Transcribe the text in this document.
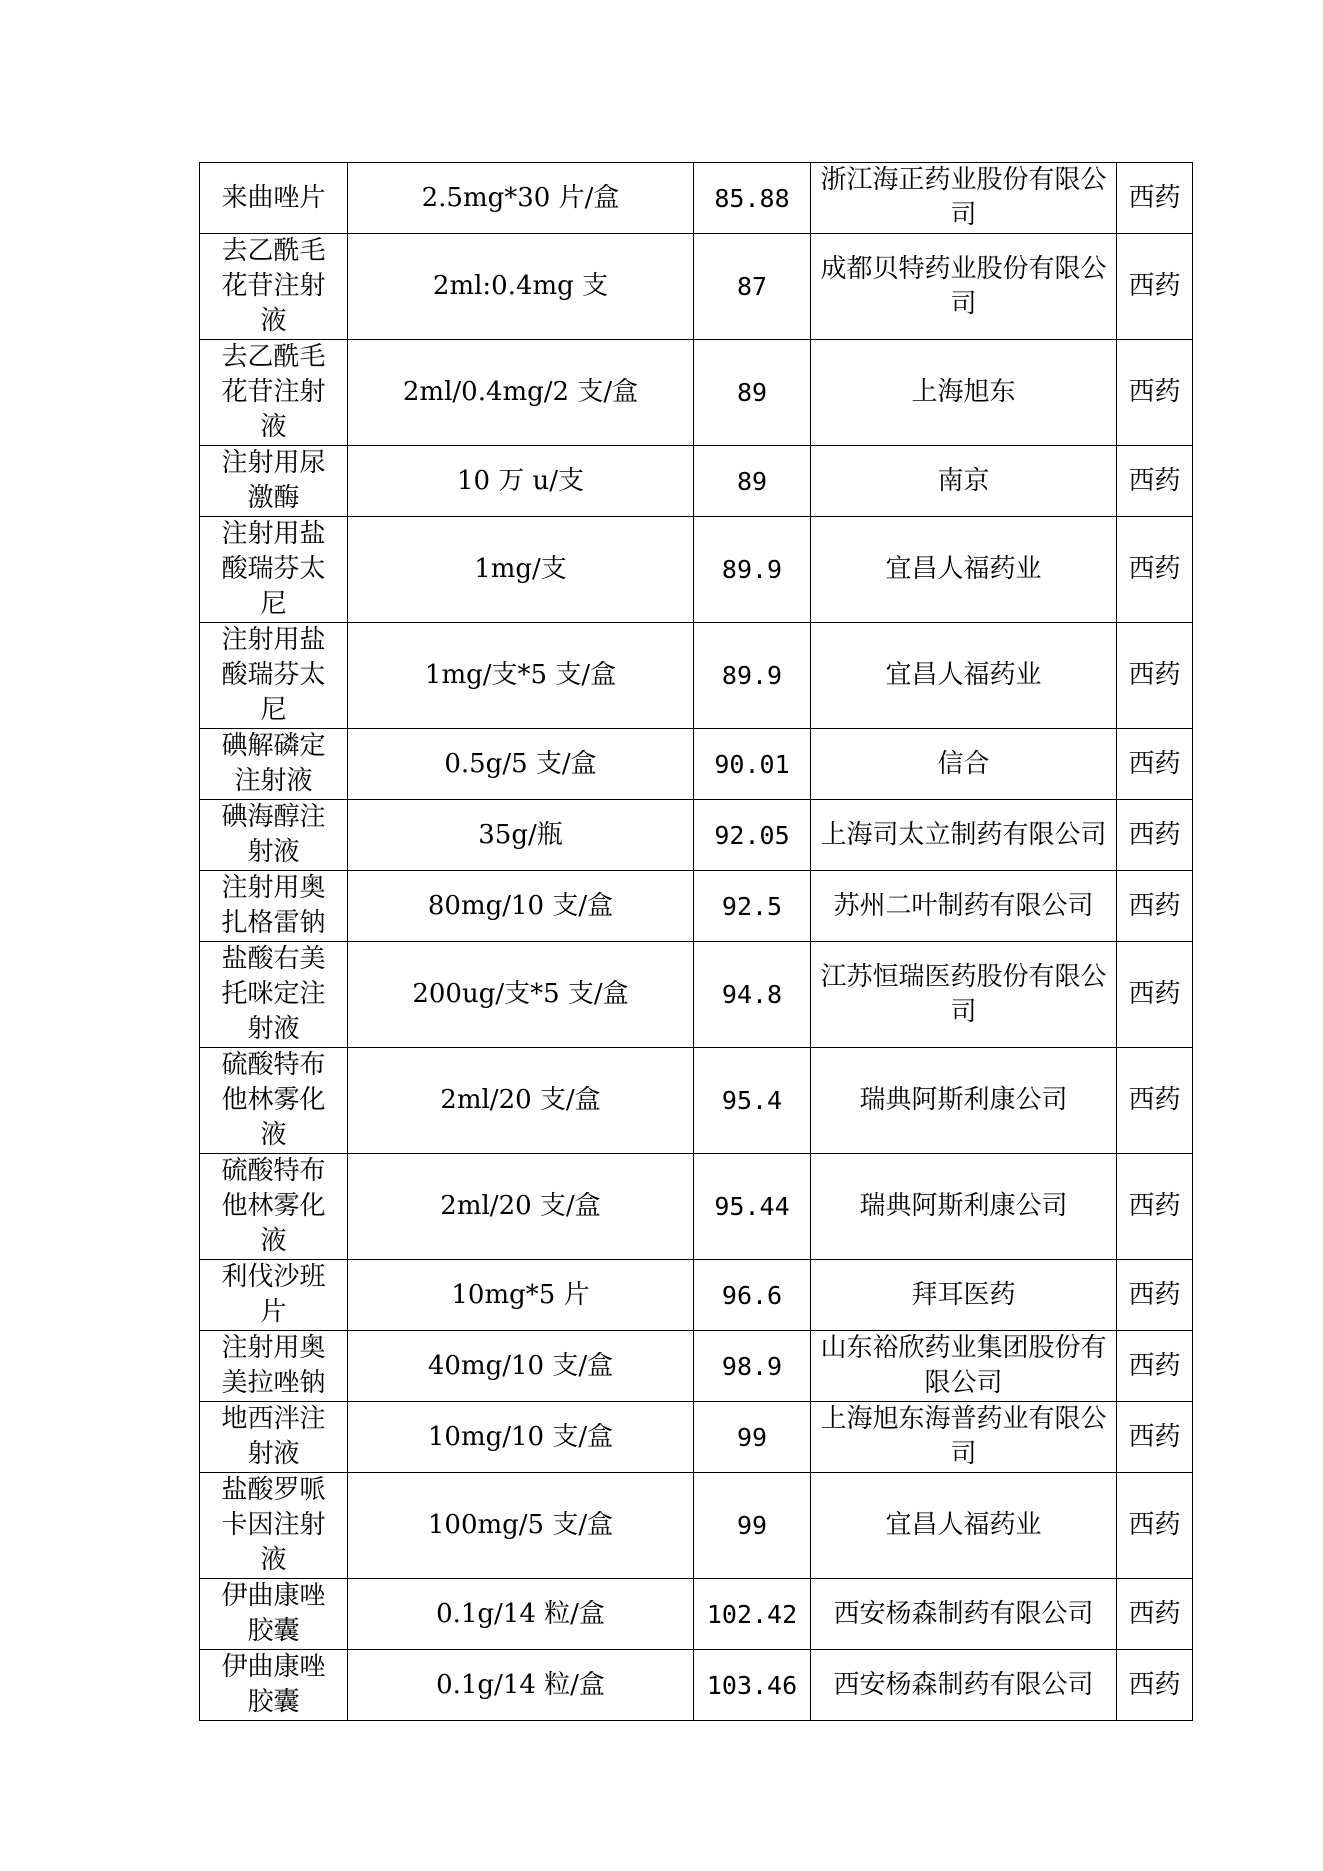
来曲唑片	2.5mg*30 片/盒	85.88	浙江海正药业股份有限公司	西药
去乙酰毛花苷注射液	2ml:0.4mg 支	87	成都贝特药业股份有限公司	西药
去乙酰毛花苷注射液	2ml/0.4mg/2 支/盒	89	上海旭东	西药
注射用尿激酶	10 万 u/支	89	南京	西药
注射用盐酸瑞芬太尼	1mg/支	89.9	宜昌人福药业	西药
注射用盐酸瑞芬太尼	1mg/支*5 支/盒	89.9	宜昌人福药业	西药
碘解磷定注射液	0.5g/5 支/盒	90.01	信合	西药
碘海醇注射液	35g/瓶	92.05	上海司太立制药有限公司	西药
注射用奥扎格雷钠	80mg/10 支/盒	92.5	苏州二叶制药有限公司	西药
盐酸右美托咪定注射液	200ug/支*5 支/盒	94.8	江苏恒瑞医药股份有限公司	西药
硫酸特布他林雾化液	2ml/20 支/盒	95.4	瑞典阿斯利康公司	西药
硫酸特布他林雾化液	2ml/20 支/盒	95.44	瑞典阿斯利康公司	西药
利伐沙班片	10mg*5 片	96.6	拜耳医药	西药
注射用奥美拉唑钠	40mg/10 支/盒	98.9	山东裕欣药业集团股份有限公司	西药
地西泮注射液	10mg/10 支/盒	99	上海旭东海普药业有限公司	西药
盐酸罗哌卡因注射液	100mg/5 支/盒	99	宜昌人福药业	西药
伊曲康唑胶囊	0.1g/14 粒/盒	102.42	西安杨森制药有限公司	西药
伊曲康唑胶囊	0.1g/14 粒/盒	103.46	西安杨森制药有限公司	西药
